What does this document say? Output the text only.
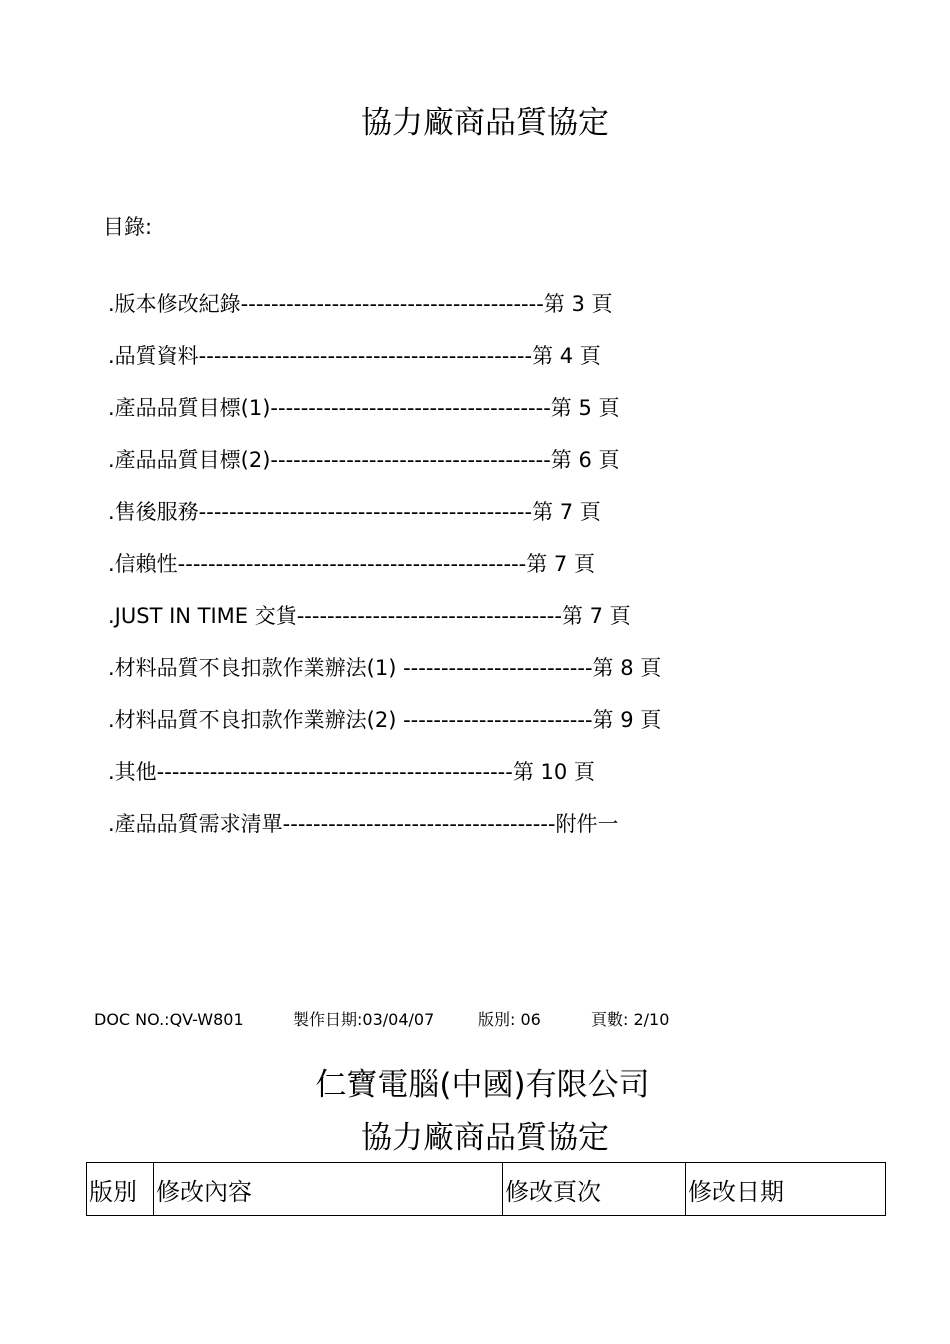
協力廠商品質協定
目錄:
.版本修改紀錄----------------------------------------第 3 頁
.品質資料--------------------------------------------第 4 頁
.產品品質目標(1)-------------------------------------第 5 頁
.產品品質目標(2)-------------------------------------第 6 頁
.售後服務--------------------------------------------第 7 頁
.信賴性----------------------------------------------第 7 頁
.JUST IN TIME 交貨-----------------------------------第 7 頁
.材料品質不良扣款作業辦法(1) -------------------------第 8 頁
.材料品質不良扣款作業辦法(2) -------------------------第 9 頁
.其他-----------------------------------------------第 10 頁
.產品品質需求清單------------------------------------附件一
DOC NO.:QV-W801	製作日期:03/04/07	版別: 06	頁數: 2/10
仁寶電腦(中國)有限公司
協力廠商品質協定
版別	修改內容	修改頁次	修改日期
